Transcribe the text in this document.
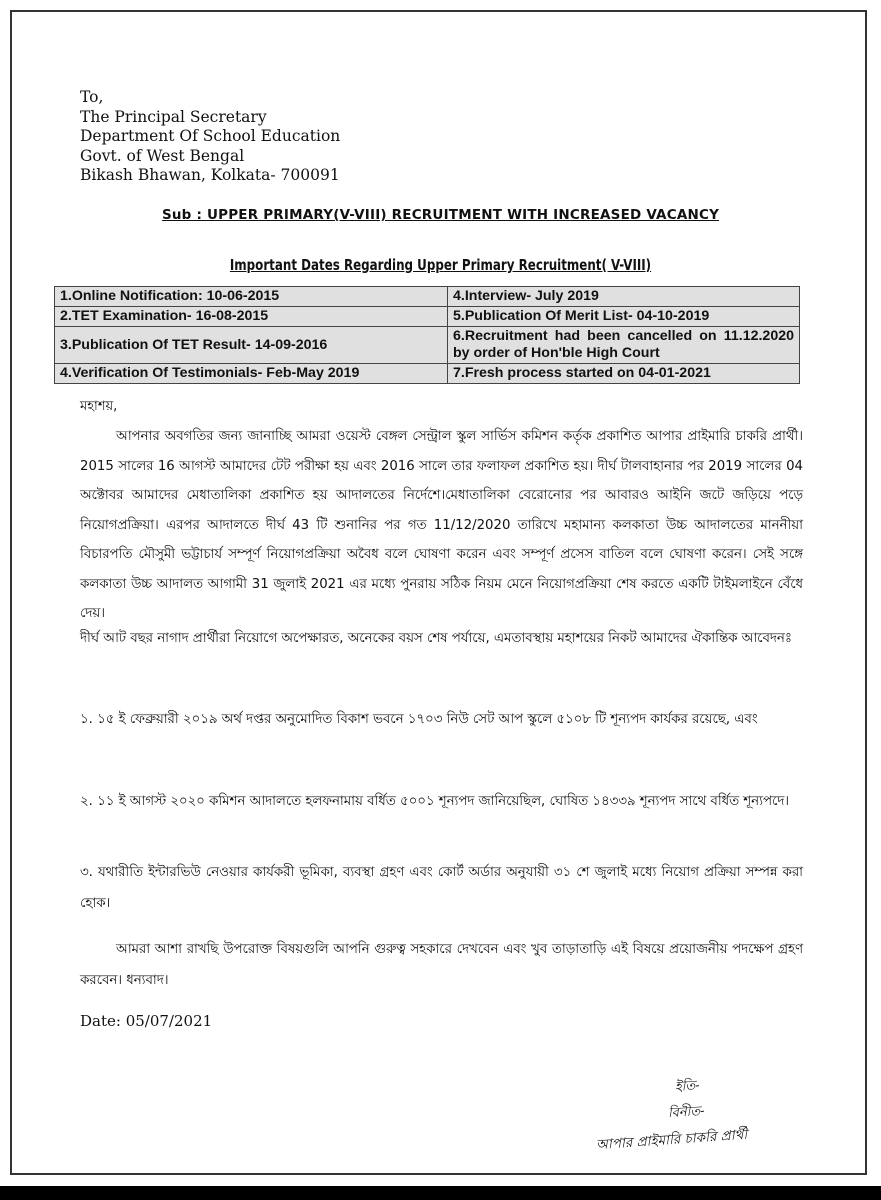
To,
The Principal Secretary
Department Of School Education
Govt. of West Bengal
Bikash Bhawan, Kolkata- 700091
Sub : UPPER PRIMARY(V-VIII) RECRUITMENT WITH INCREASED VACANCY
Important Dates Regarding Upper Primary Recruitment( V-VIII)
1.Online Notification: 10-06-2015	4.Interview- July 2019
2.TET Examination- 16-08-2015	5.Publication Of Merit List- 04-10-2019
3.Publication Of TET Result- 14-09-2016	6.Recruitment had been cancelled on 11.12.2020 by order of Hon'ble High Court
4.Verification Of Testimonials- Feb-May 2019	7.Fresh process started on 04-01-2021
মহাশয়,
আপনার অবগতির জন্য জানাচ্ছি আমরা ওয়েস্ট বেঙ্গল সেন্ট্রাল স্কুল সার্ভিস কমিশন কর্তৃক প্রকাশিত আপার প্রাইমারি চাকরি প্রার্থী। 2015 সালের 16 আগস্ট আমাদের টেট পরীক্ষা হয় এবং 2016 সালে তার ফলাফল প্রকাশিত হয়। দীর্ঘ টালবাহানার পর 2019 সালের 04 অক্টোবর আমাদের মেধাতালিকা প্রকাশিত হয় আদালতের নির্দেশে।মেধাতালিকা বেরোনোর পর আবারও আইনি জটে জড়িয়ে পড়ে নিয়োগপ্রক্রিয়া। এরপর আদালতে দীর্ঘ 43 টি শুনানির পর গত 11/12/2020 তারিখে মহামান্য কলকাতা উচ্চ আদালতের মাননীয়া বিচারপতি মৌসুমী ভট্টাচার্য সম্পূর্ণ নিয়োগপ্রক্রিয়া অবৈধ বলে ঘোষণা করেন এবং সম্পূর্ণ প্রসেস বাতিল বলে ঘোষণা করেন। সেই সঙ্গে কলকাতা উচ্চ আদালত আগামী 31 জুলাই 2021 এর মধ্যে পুনরায় সঠিক নিয়ম মেনে নিয়োগপ্রক্রিয়া শেষ করতে একটি টাইমলাইনে বেঁধে দেয়।
দীর্ঘ আট বছর নাগাদ প্রার্থীরা নিয়োগে অপেক্ষারত, অনেকের বয়স শেষ পর্যায়ে, এমতাবস্থায় মহাশয়ের নিকট আমাদের ঐকান্তিক আবেদনঃ
১. ১৫ ই ফেব্রুয়ারী ২০১৯ অর্থ দপ্তর অনুমোদিত বিকাশ ভবনে ১৭০৩ নিউ সেট আপ স্কুলে ৫১০৮ টি শূন্যপদ কার্যকর রয়েছে, এবং
২. ১১ ই আগস্ট ২০২০ কমিশন আদালতে হলফনামায় বর্ধিত ৫০০১ শূন্যপদ জানিয়েছিল, ঘোষিত ১৪৩৩৯ শূন্যপদ সাথে বর্ধিত শূন্যপদে।
৩. যথারীতি ইন্টারভিউ নেওয়ার কার্যকরী ভূমিকা, ব্যবস্থা গ্রহণ এবং কোর্ট অর্ডার অনুযায়ী ৩১ শে জুলাই মধ্যে নিয়োগ প্রক্রিয়া সম্পন্ন করা হোক।
আমরা আশা রাখছি উপরোক্ত বিষয়গুলি আপনি গুরুত্ব সহকারে দেখবেন এবং খুব তাড়াতাড়ি এই বিষয়ে প্রয়োজনীয় পদক্ষেপ গ্রহণ করবেন। ধন্যবাদ।
Date: 05/07/2021
ইতি-
বিনীত-
আপার প্রাইমারি চাকরি প্রার্থী
